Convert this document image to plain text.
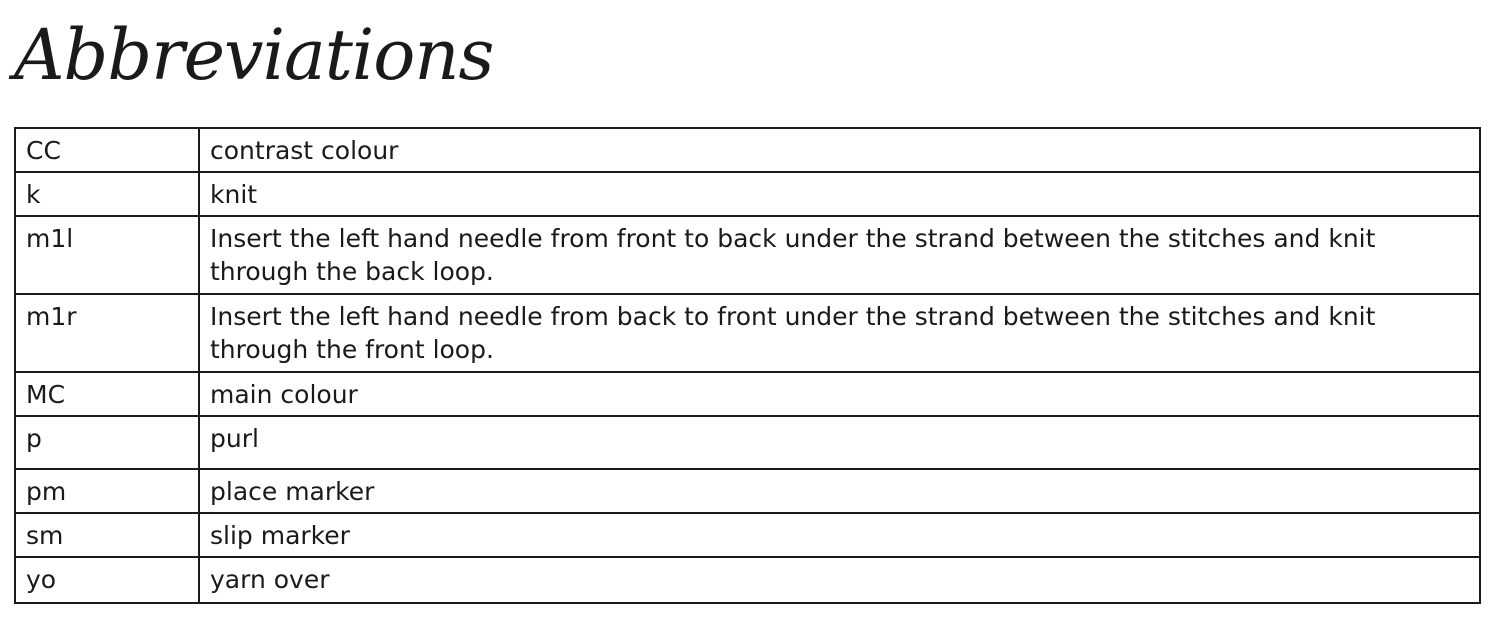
Abbreviations
CC	contrast colour
k	knit
m1l	Insert the left hand needle from front to back under the strand between the stitches and knit through the back loop.
m1r	Insert the left hand needle from back to front under the strand between the stitches and knit through the front loop.
MC	main colour
p	purl
pm	place marker
sm	slip marker
yo	yarn over
